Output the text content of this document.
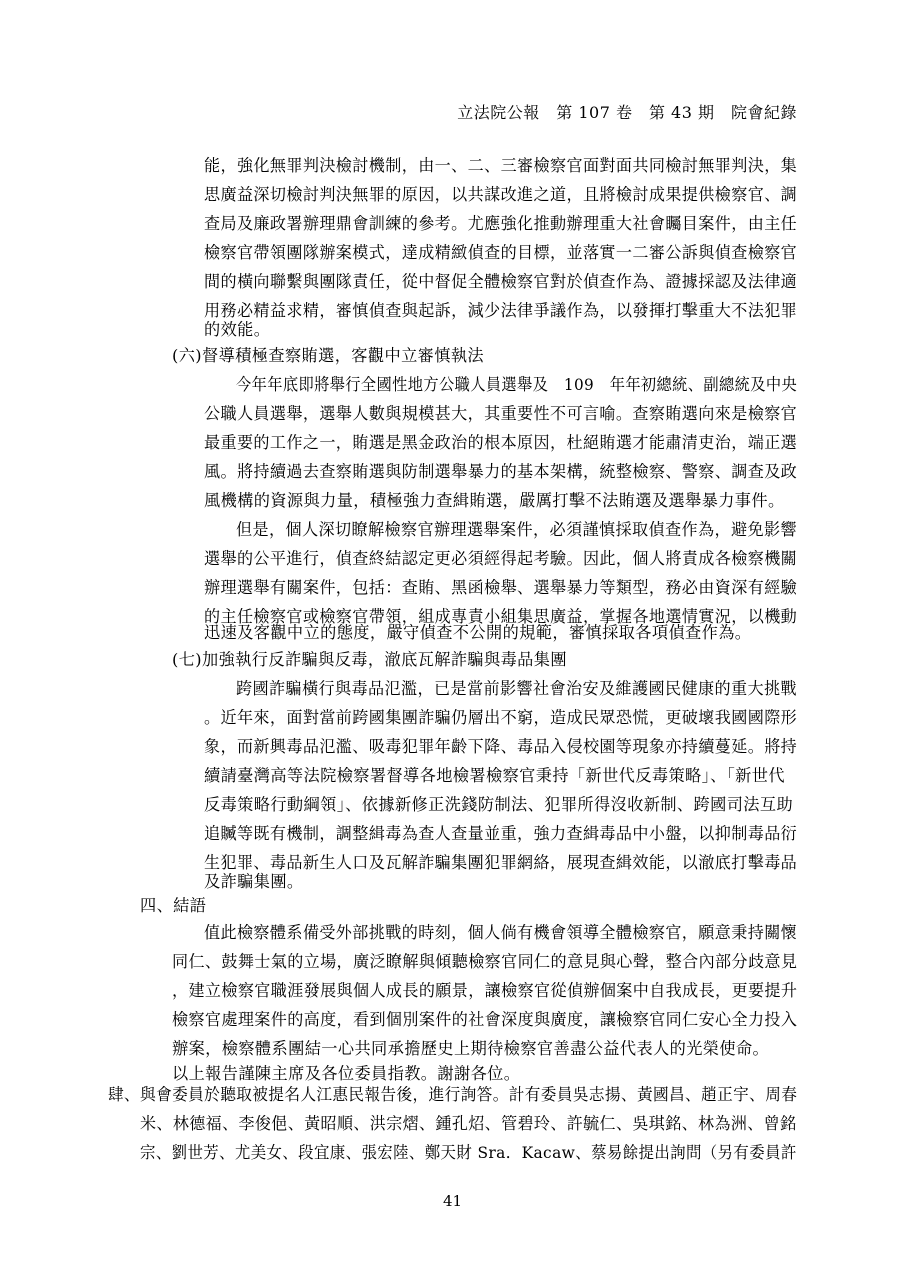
立法院公報　第 107 卷　第 43 期　院會紀錄
能，強化無罪判決檢討機制，由一、二、三審檢察官面對面共同檢討無罪判決，集
思廣益深切檢討判決無罪的原因，以共謀改進之道，且將檢討成果提供檢察官、調
查局及廉政署辦理鼎會訓練的參考。尤應強化推動辦理重大社會矚目案件，由主任
檢察官帶領團隊辦案模式，達成精緻偵查的目標，並落實一二審公訴與偵查檢察官
間的橫向聯繫與團隊責任，從中督促全體檢察官對於偵查作為、證據採認及法律適
用務必精益求精，審慎偵查與起訴，減少法律爭議作為，以發揮打擊重大不法犯罪
的效能。
(六)督導積極查察賄選，客觀中立審慎執法
今年年底即將舉行全國性地方公職人員選舉及　109　年年初總統、副總統及中央
公職人員選舉，選舉人數與規模甚大，其重要性不可言喻。查察賄選向來是檢察官
最重要的工作之一，賄選是黑金政治的根本原因，杜絕賄選才能肅清吏治，端正選
風。將持續過去查察賄選與防制選舉暴力的基本架構，統整檢察、警察、調查及政
風機構的資源與力量，積極強力查緝賄選，嚴厲打擊不法賄選及選舉暴力事件。
但是，個人深切瞭解檢察官辦理選舉案件，必須謹慎採取偵查作為，避免影響
選舉的公平進行，偵查終結認定更必須經得起考驗。因此，個人將責成各檢察機關
辦理選舉有關案件，包括：查賄、黑函檢舉、選舉暴力等類型，務必由資深有經驗
的主任檢察官或檢察官帶領，組成專責小組集思廣益，掌握各地選情實況，以機動
迅速及客觀中立的態度，嚴守偵查不公開的規範，審慎採取各項偵查作為。
(七)加強執行反詐騙與反毒，澈底瓦解詐騙與毒品集團
跨國詐騙橫行與毒品氾濫，已是當前影響社會治安及維護國民健康的重大挑戰
。近年來，面對當前跨國集團詐騙仍層出不窮，造成民眾恐慌，更破壞我國國際形
象，而新興毒品氾濫、吸毒犯罪年齡下降、毒品入侵校園等現象亦持續蔓延。將持
續請臺灣高等法院檢察署督導各地檢署檢察官秉持「新世代反毒策略」、「新世代
反毒策略行動綱領」、依據新修正洗錢防制法、犯罪所得沒收新制、跨國司法互助
追贓等既有機制，調整緝毒為查人查量並重，強力查緝毒品中小盤，以抑制毒品衍
生犯罪、毒品新生人口及瓦解詐騙集團犯罪網絡，展現查緝效能，以澈底打擊毒品
及詐騙集團。
四、結語
值此檢察體系備受外部挑戰的時刻，個人倘有機會領導全體檢察官，願意秉持關懷
同仁、鼓舞士氣的立場，廣泛瞭解與傾聽檢察官同仁的意見與心聲，整合內部分歧意見
，建立檢察官職涯發展與個人成長的願景，讓檢察官從偵辦個案中自我成長，更要提升
檢察官處理案件的高度，看到個別案件的社會深度與廣度，讓檢察官同仁安心全力投入
辦案，檢察體系團結一心共同承擔歷史上期待檢察官善盡公益代表人的光榮使命。
以上報告謹陳主席及各位委員指教。謝謝各位。
肆、與會委員於聽取被提名人江惠民報告後，進行詢答。計有委員吳志揚、黃國昌、趙正宇、周春
米、林德福、李俊俋、黃昭順、洪宗熠、鍾孔炤、管碧玲、許毓仁、吳琪銘、林為洲、曾銘
宗、劉世芳、尤美女、段宜康、張宏陸、鄭天財 Sra．Kacaw、蔡易餘提出詢問（另有委員許
41
